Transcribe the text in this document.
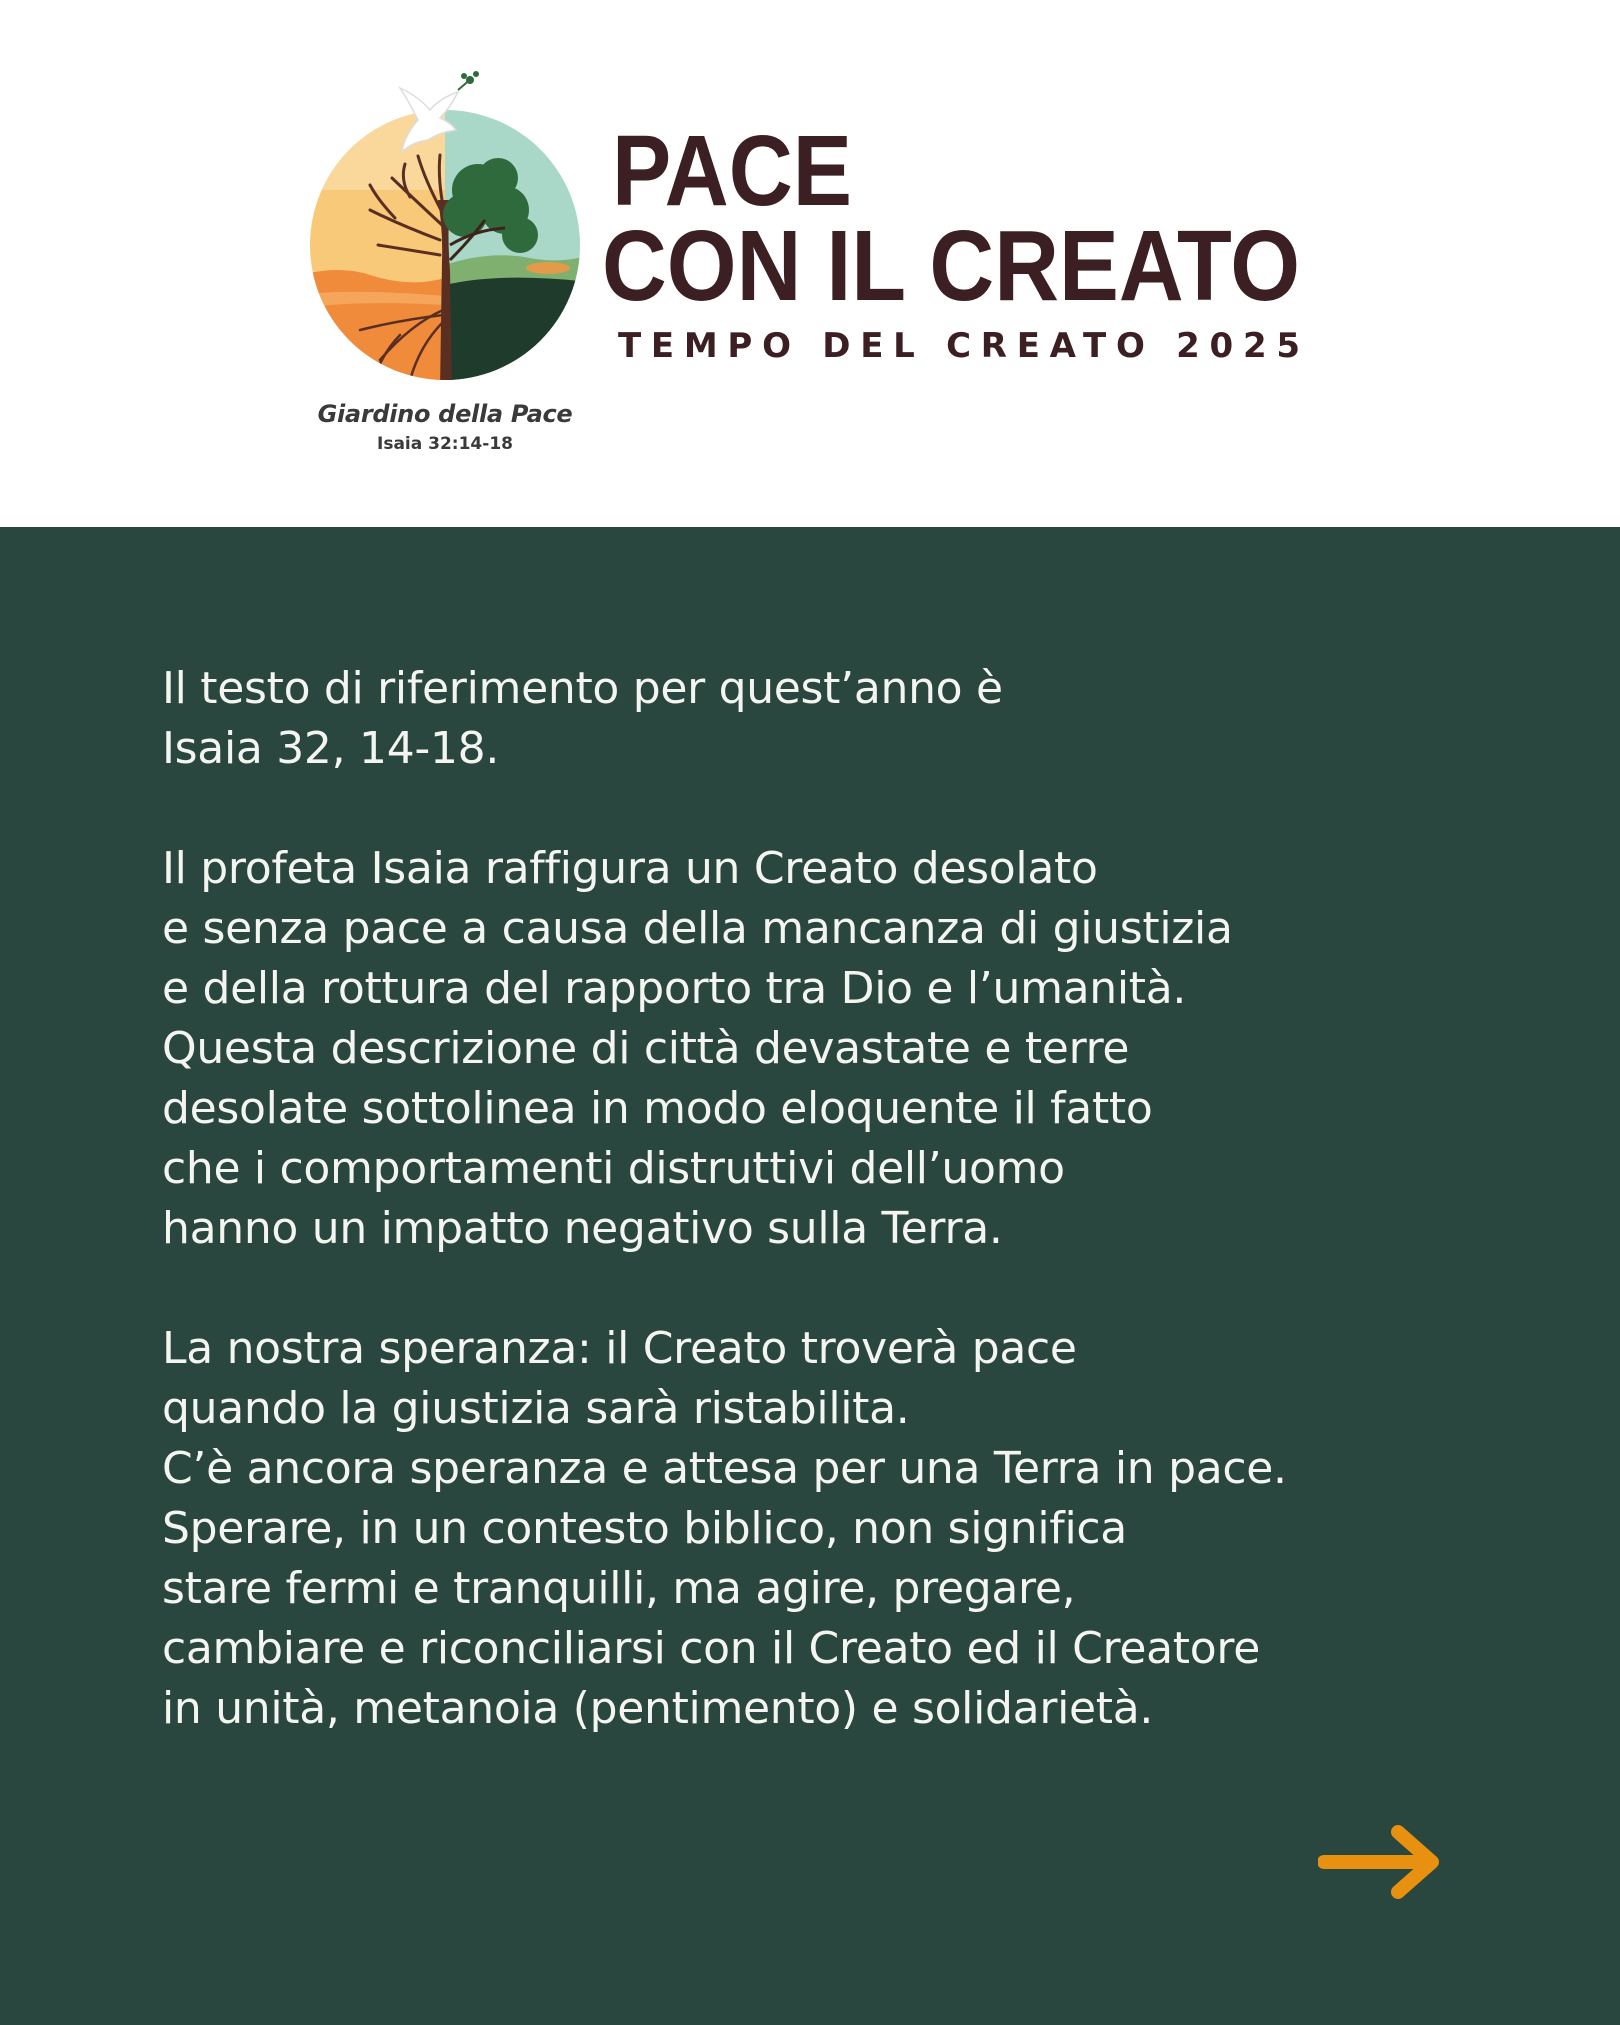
Giardino della Pace
Isaia 32:14-18
PACE
CON IL CREATO
TEMPO DEL CREATO 2025
Il testo di riferimento per quest’anno è
Isaia 32, 14-18.
Il profeta Isaia raffigura un Creato desolato
e senza pace a causa della mancanza di giustizia
e della rottura del rapporto tra Dio e l’umanità.
Questa descrizione di città devastate e terre
desolate sottolinea in modo eloquente il fatto
che i comportamenti distruttivi dell’uomo
hanno un impatto negativo sulla Terra.
La nostra speranza: il Creato troverà pace
quando la giustizia sarà ristabilita.
C’è ancora speranza e attesa per una Terra in pace.
Sperare, in un contesto biblico, non significa
stare fermi e tranquilli, ma agire, pregare,
cambiare e riconciliarsi con il Creato ed il Creatore
in unità, metanoia (pentimento) e solidarietà.
